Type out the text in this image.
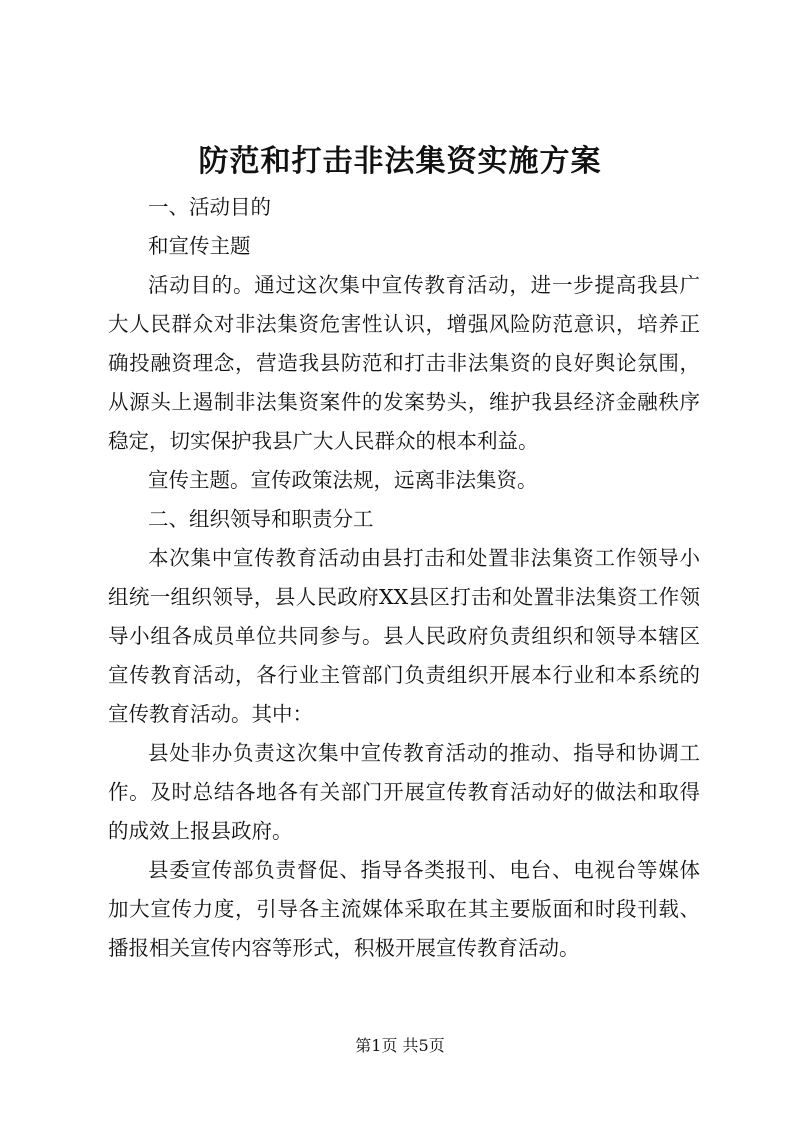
防范和打击非法集资实施方案

一、活动目的

和宣传主题

活动目的。通过这次集中宣传教育活动，进一步提高我县广大人民群众对非法集资危害性认识，增强风险防范意识，培养正确投融资理念，营造我县防范和打击非法集资的良好舆论氛围，从源头上遏制非法集资案件的发案势头，维护我县经济金融秩序稳定，切实保护我县广大人民群众的根本利益。

宣传主题。宣传政策法规，远离非法集资。

二、组织领导和职责分工

本次集中宣传教育活动由县打击和处置非法集资工作领导小组统一组织领导，县人民政府XX县区打击和处置非法集资工作领导小组各成员单位共同参与。县人民政府负责组织和领导本辖区宣传教育活动，各行业主管部门负责组织开展本行业和本系统的宣传教育活动。其中：

县处非办负责这次集中宣传教育活动的推动、指导和协调工作。及时总结各地各有关部门开展宣传教育活动好的做法和取得的成效上报县政府。

县委宣传部负责督促、指导各类报刊、电台、电视台等媒体加大宣传力度，引导各主流媒体采取在其主要版面和时段刊载、播报相关宣传内容等形式，积极开展宣传教育活动。

第1页 共5页
